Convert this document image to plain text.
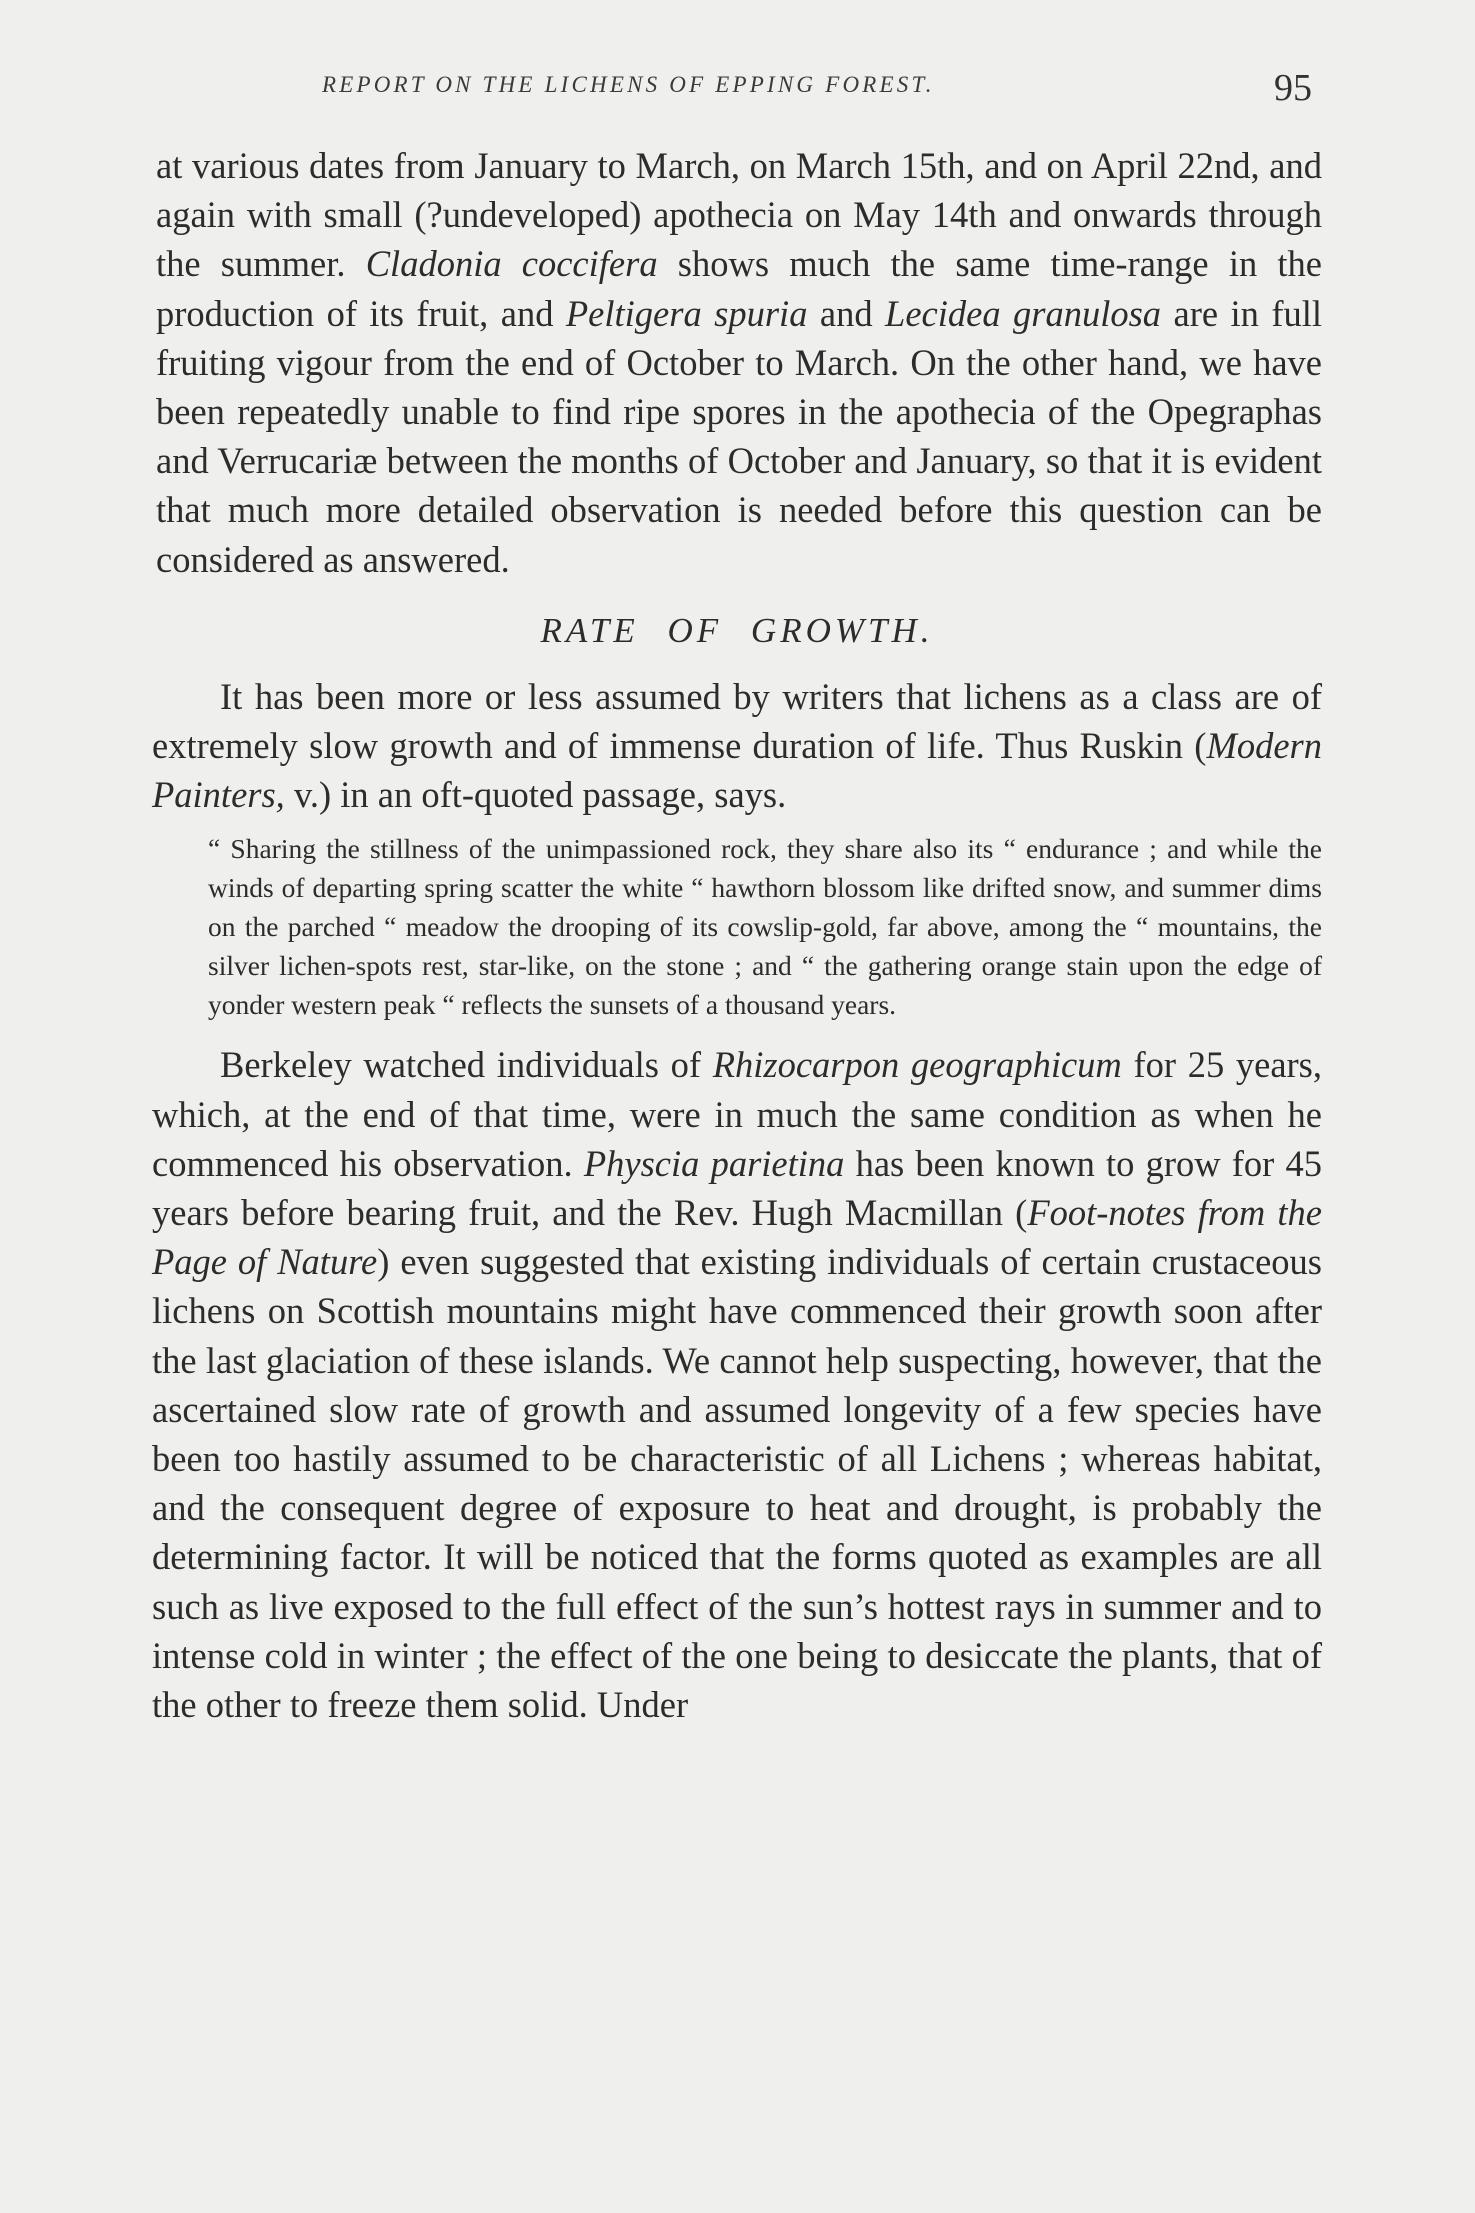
REPORT ON THE LICHENS OF EPPING FOREST.	95

at various dates from January to March, on March 15th, and on April 22nd, and again with small (?undeveloped) apothecia on May 14th and onwards through the summer. Cladonia coccifera shows much the same time-range in the production of its fruit, and Peltigera spuria and Lecidea granulosa are in full fruiting vigour from the end of October to March. On the other hand, we have been repeatedly unable to find ripe spores in the apothecia of the Opegraphas and Verrucariæ between the months of October and January, so that it is evident that much more detailed observation is needed before this question can be considered as answered.

RATE OF GROWTH.

It has been more or less assumed by writers that lichens as a class are of extremely slow growth and of immense duration of life. Thus Ruskin (Modern Painters, v.) in an oft-quoted passage, says.

“ Sharing the stillness of the unimpassioned rock, they share also its “ endurance ; and while the winds of departing spring scatter the white “ hawthorn blossom like drifted snow, and summer dims on the parched “ meadow the drooping of its cowslip-gold, far above, among the “ mountains, the silver lichen-spots rest, star-like, on the stone ; and “ the gathering orange stain upon the edge of yonder western peak “ reflects the sunsets of a thousand years.

Berkeley watched individuals of Rhizocarpon geographicum for 25 years, which, at the end of that time, were in much the same condition as when he commenced his observation. Physcia parietina has been known to grow for 45 years before bearing fruit, and the Rev. Hugh Macmillan (Foot-notes from the Page of Nature) even suggested that existing individuals of certain crustaceous lichens on Scottish mountains might have commenced their growth soon after the last glaciation of these islands. We cannot help suspecting, however, that the ascertained slow rate of growth and assumed longevity of a few species have been too hastily assumed to be characteristic of all Lichens ; whereas habitat, and the consequent degree of exposure to heat and drought, is probably the determining factor. It will be noticed that the forms quoted as examples are all such as live exposed to the full effect of the sun’s hottest rays in summer and to intense cold in winter ; the effect of the one being to desiccate the plants, that of the other to freeze them solid. Under
